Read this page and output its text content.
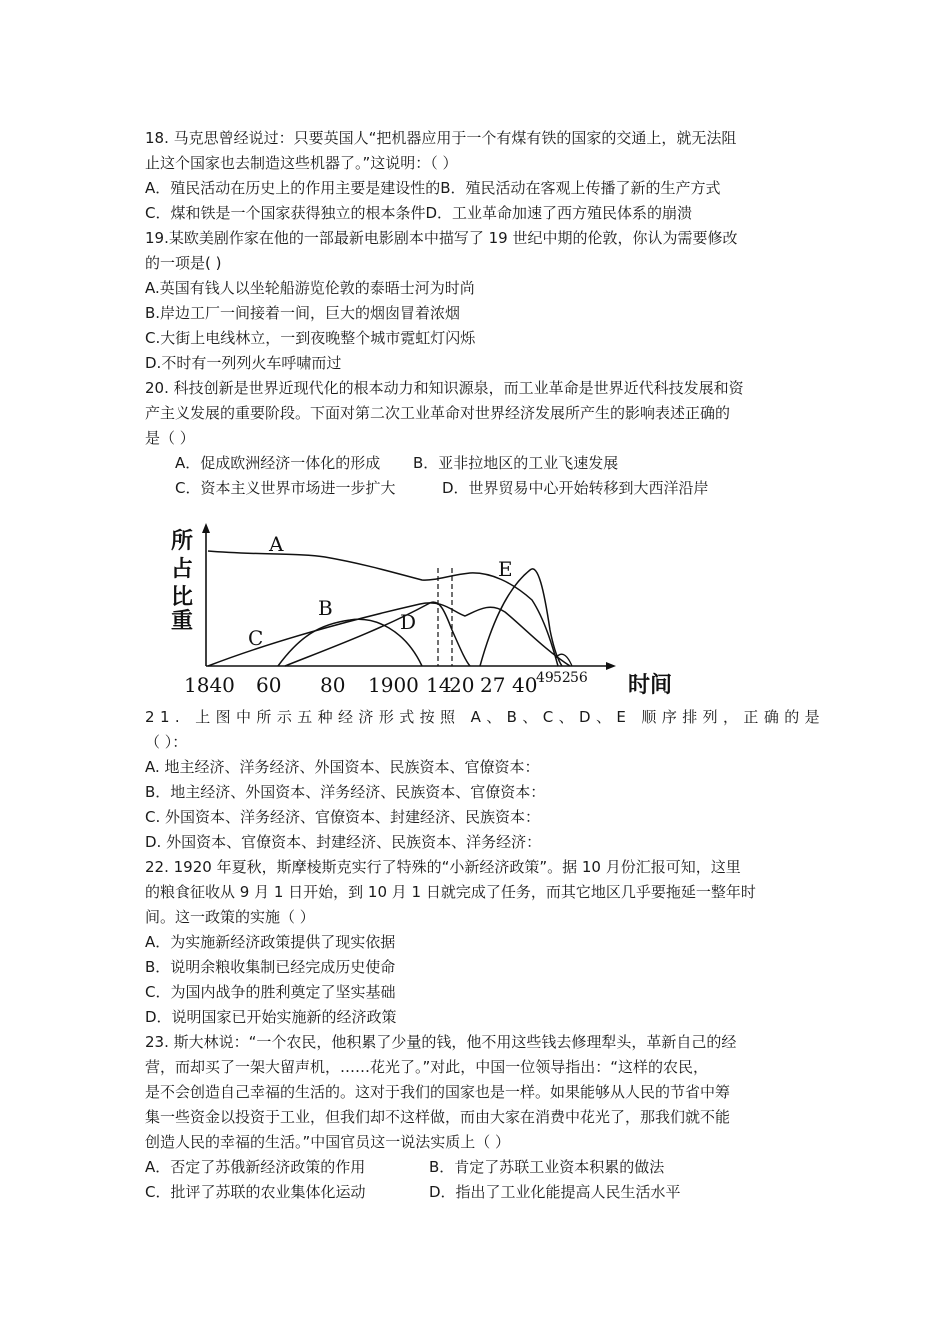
18. 马克思曾经说过：只要英国人“把机器应用于一个有煤有铁的国家的交通上，就无法阻
止这个国家也去制造这些机器了。”这说明：（ ）
A．殖民活动在历史上的作用主要是建设性的B．殖民活动在客观上传播了新的生产方式
C．煤和铁是一个国家获得独立的根本条件D．工业革命加速了西方殖民体系的崩溃
19.某欧美剧作家在他的一部最新电影剧本中描写了 19 世纪中期的伦敦，你认为需要修改
的一项是( )
A.英国有钱人以坐轮船游览伦敦的泰晤士河为时尚
B.岸边工厂一间接着一间，巨大的烟囱冒着浓烟
C.大街上电线林立，一到夜晚整个城市霓虹灯闪烁
D.不时有一列列火车呼啸而过
20. 科技创新是世界近现代化的根本动力和知识源泉，而工业革命是世界近代科技发展和资
产主义发展的重要阶段。下面对第二次工业革命对世界经济发展所产生的影响表述正确的
是（ ）
A．促成欧洲经济一体化的形成 B．亚非拉地区的工业飞速发展
C．资本主义世界市场进一步扩大	D．世界贸易中心开始转移到大西洋沿岸
所
占
比
重
A
B
C
D
E
1840 60 80 1900 14
20 27 40
49 52 56 时间
21. 上图中所示五种经济形式按照 A、B、C、D、E 顺序排列，正确的是
（ ）：
A. 地主经济、洋务经济、外国资本、民族资本、官僚资本：
B．地主经济、外国资本、洋务经济、民族资本、官僚资本：
C. 外国资本、洋务经济、官僚资本、封建经济、民族资本：
D. 外国资本、官僚资本、封建经济、民族资本、洋务经济：
22. 1920 年夏秋，斯摩棱斯克实行了特殊的“小新经济政策”。据 10 月份汇报可知，这里
的粮食征收从 9 月 1 日开始，到 10 月 1 日就完成了任务，而其它地区几乎要拖延一整年时
间。这一政策的实施（ ）
A．为实施新经济政策提供了现实依据
B．说明余粮收集制已经完成历史使命
C．为国内战争的胜利奠定了坚实基础
D．说明国家已开始实施新的经济政策
23. 斯大林说：“一个农民，他积累了少量的钱，他不用这些钱去修理犁头，革新自己的经
营，而却买了一架大留声机，……花光了。”对此，中国一位领导指出：“这样的农民，
是不会创造自己幸福的生活的。这对于我们的国家也是一样。如果能够从人民的节省中筹
集一些资金以投资于工业，但我们却不这样做，而由大家在消费中花光了，那我们就不能
创造人民的幸福的生活。”中国官员这一说法实质上（ ）
A．否定了苏俄新经济政策的作用	B．肯定了苏联工业资本积累的做法
C．批评了苏联的农业集体化运动	D．指出了工业化能提高人民生活水平
